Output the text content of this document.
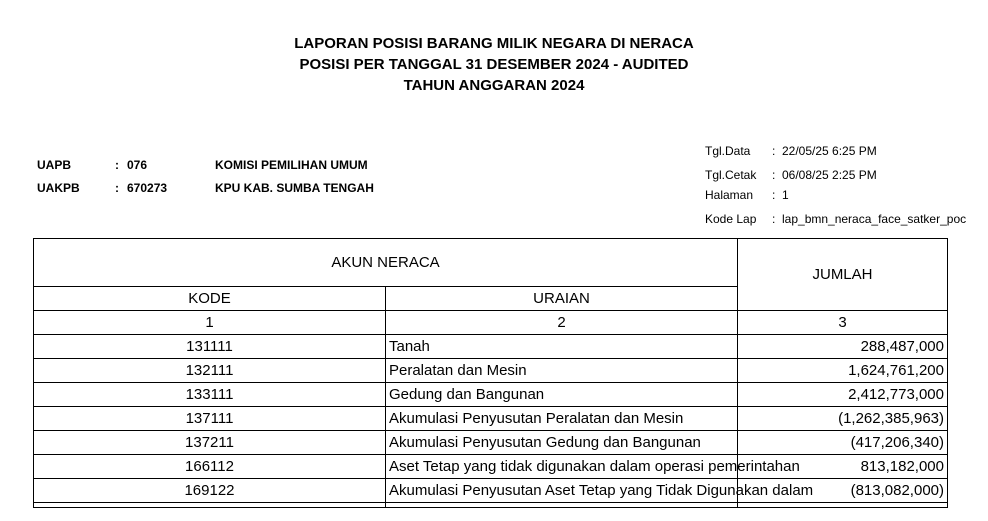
LAPORAN POSISI BARANG MILIK NEGARA DI NERACA
POSISI PER TANGGAL 31 DESEMBER 2024 - AUDITED
TAHUN ANGGARAN 2024
UAPB	: 076	KOMISI PEMILIHAN UMUM
UAKPB	: 670273	KPU KAB. SUMBA TENGAH
Tgl.Data : 22/05/25 6:25 PM
Tgl.Cetak : 06/08/25 2:25 PM
Halaman : 1
Kode Lap : lap_bmn_neraca_face_satker_poc
AKUN NERACA		JUMLAH
KODE	URAIAN	
1	2	3
131111	Tanah	288,487,000
132111	Peralatan dan Mesin	1,624,761,200
133111	Gedung dan Bangunan	2,412,773,000
137111	Akumulasi Penyusutan Peralatan dan Mesin	(1,262,385,963)
137211	Akumulasi Penyusutan Gedung dan Bangunan	(417,206,340)
166112	Aset Tetap yang tidak digunakan dalam operasi pemerintahan	813,182,000
169122	Akumulasi Penyusutan Aset Tetap yang Tidak Digunakan dalam	(813,082,000)
